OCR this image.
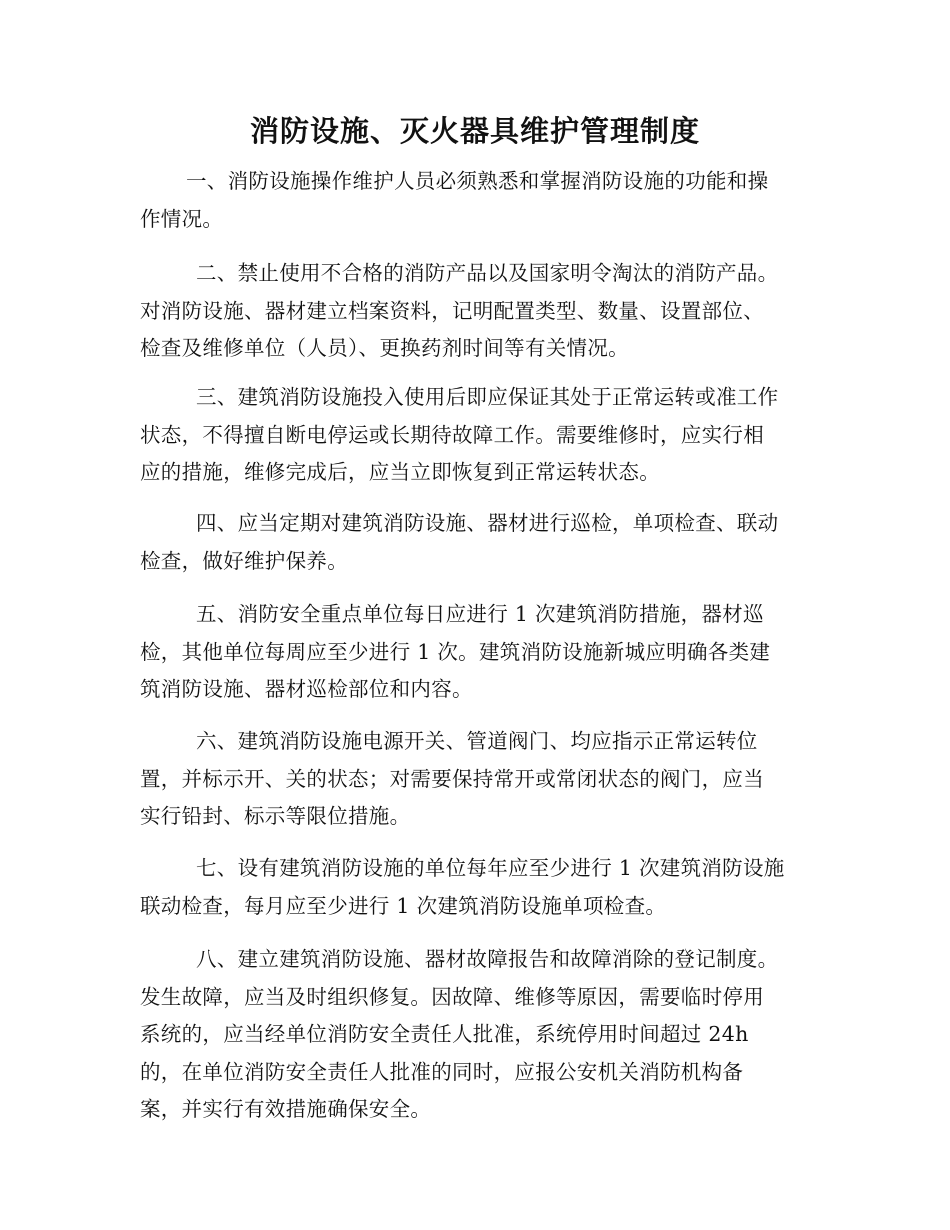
消防设施、灭火器具维护管理制度
一、消防设施操作维护人员必须熟悉和掌握消防设施的功能和操
作情况。
二、禁止使用不合格的消防产品以及国家明令淘汰的消防产品。
对消防设施、器材建立档案资料，记明配置类型、数量、设置部位、
检查及维修单位（人员）、更换药剂时间等有关情况。
三、建筑消防设施投入使用后即应保证其处于正常运转或准工作
状态，不得擅自断电停运或长期待故障工作。需要维修时，应实行相
应的措施，维修完成后，应当立即恢复到正常运转状态。
四、应当定期对建筑消防设施、器材进行巡检，单项检查、联动
检查，做好维护保养。
五、消防安全重点单位每日应进行 1 次建筑消防措施，器材巡
检，其他单位每周应至少进行 1 次。建筑消防设施新城应明确各类建
筑消防设施、器材巡检部位和内容。
六、建筑消防设施电源开关、管道阀门、均应指示正常运转位
置，并标示开、关的状态；对需要保持常开或常闭状态的阀门，应当
实行铅封、标示等限位措施。
七、设有建筑消防设施的单位每年应至少进行 1 次建筑消防设施
联动检查，每月应至少进行 1 次建筑消防设施单项检查。
八、建立建筑消防设施、器材故障报告和故障消除的登记制度。
发生故障，应当及时组织修复。因故障、维修等原因，需要临时停用
系统的，应当经单位消防安全责任人批准，系统停用时间超过 24h
的，在单位消防安全责任人批准的同时，应报公安机关消防机构备
案，并实行有效措施确保安全。
